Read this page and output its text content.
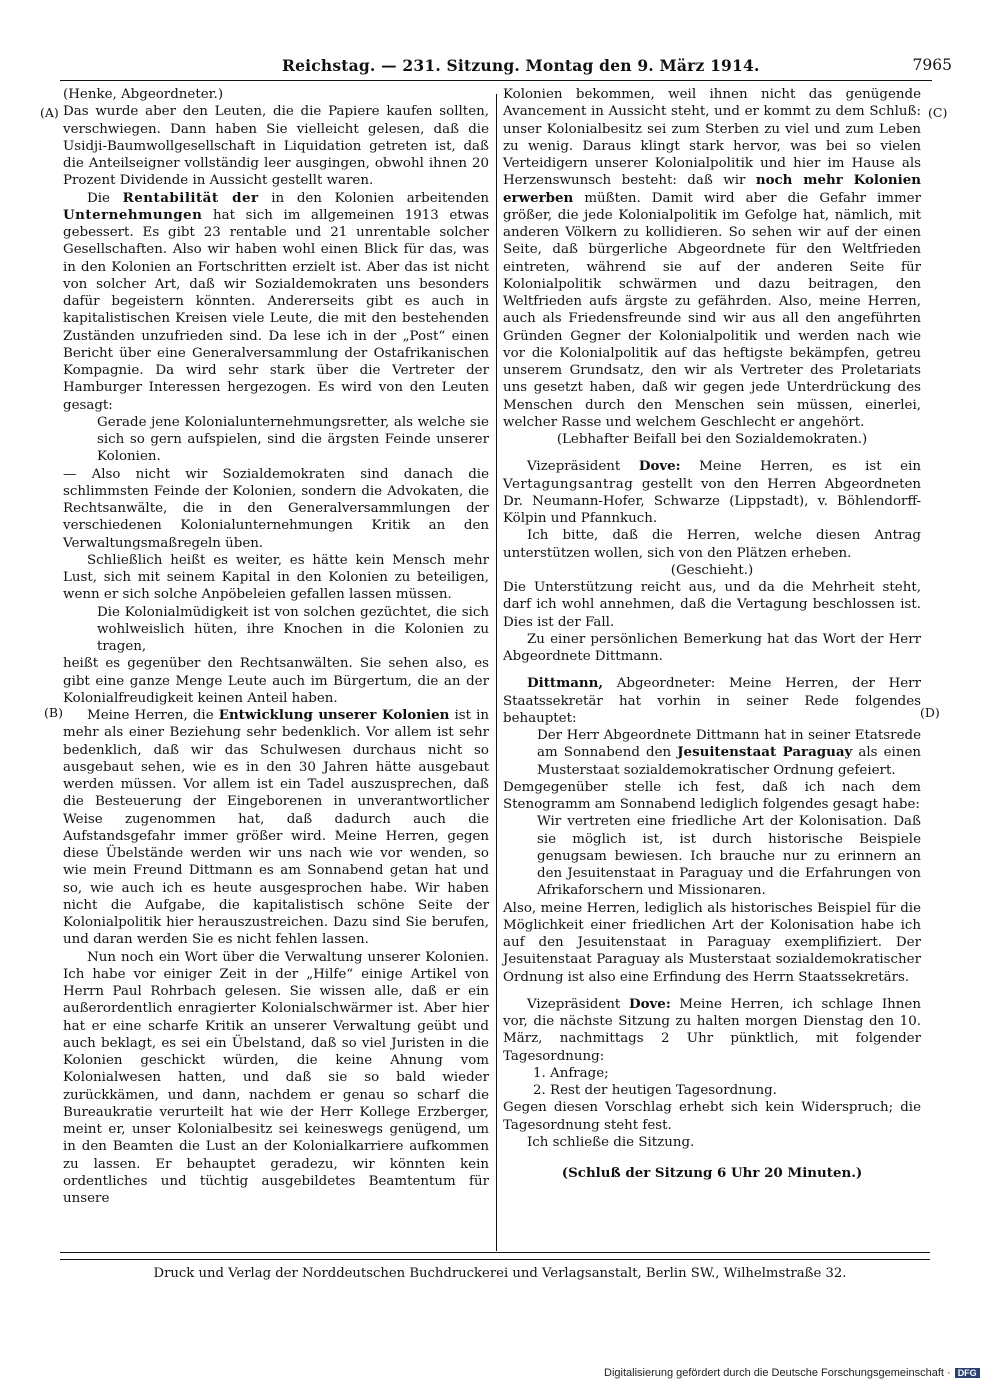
Reichstag. — 231. Sitzung. Montag den 9. März 1914.	7965
(A)
(B)
(C)
(D)

(Henke, Abgeordneter.)

Das wurde aber den Leuten, die die Papiere kaufen sollten, verschwiegen. Dann haben Sie vielleicht gelesen, daß die Usidji-Baumwollgesellschaft in Liquidation getreten ist, daß die Anteilseigner vollständig leer ausgingen, obwohl ihnen 20 Prozent Dividende in Aussicht gestellt waren.

Die Rentabilität der in den Kolonien arbeitenden Unternehmungen hat sich im allgemeinen 1913 etwas gebessert. Es gibt 23 rentable und 21 unrentable solcher Gesellschaften. Also wir haben wohl einen Blick für das, was in den Kolonien an Fortschritten erzielt ist. Aber das ist nicht von solcher Art, daß wir Sozialdemokraten uns besonders dafür begeistern könnten. Andererseits gibt es auch in kapitalistischen Kreisen viele Leute, die mit den bestehenden Zuständen unzufrieden sind. Da lese ich in der „Post“ einen Bericht über eine Generalversammlung der Ostafrikanischen Kompagnie. Da wird sehr stark über die Vertreter der Hamburger Interessen hergezogen. Es wird von den Leuten gesagt:

Gerade jene Kolonialunternehmungsretter, als welche sie sich so gern aufspielen, sind die ärgsten Feinde unserer Kolonien.

— Also nicht wir Sozialdemokraten sind danach die schlimmsten Feinde der Kolonien, sondern die Advokaten, die Rechtsanwälte, die in den Generalversammlungen der verschiedenen Kolonialunternehmungen Kritik an den Verwaltungsmaßregeln üben.

Schließlich heißt es weiter, es hätte kein Mensch mehr Lust, sich mit seinem Kapital in den Kolonien zu beteiligen, wenn er sich solche Anpöbeleien gefallen lassen müssen.

Die Kolonialmüdigkeit ist von solchen gezüchtet, die sich wohlweislich hüten, ihre Knochen in die Kolonien zu tragen,

heißt es gegenüber den Rechtsanwälten. Sie sehen also, es gibt eine ganze Menge Leute auch im Bürgertum, die an der Kolonialfreudigkeit keinen Anteil haben.

Meine Herren, die Entwicklung unserer Kolonien ist in mehr als einer Beziehung sehr bedenklich. Vor allem ist sehr bedenklich, daß wir das Schulwesen durchaus nicht so ausgebaut sehen, wie es in den 30 Jahren hätte ausgebaut werden müssen. Vor allem ist ein Tadel auszusprechen, daß die Besteuerung der Eingeborenen in unverantwortlicher Weise zugenommen hat, daß dadurch auch die Aufstandsgefahr immer größer wird. Meine Herren, gegen diese Übelstände werden wir uns nach wie vor wenden, so wie mein Freund Dittmann es am Sonnabend getan hat und so, wie auch ich es heute ausgesprochen habe. Wir haben nicht die Aufgabe, die kapitalistisch schöne Seite der Kolonialpolitik hier herauszustreichen. Dazu sind Sie berufen, und daran werden Sie es nicht fehlen lassen.

Nun noch ein Wort über die Verwaltung unserer Kolonien. Ich habe vor einiger Zeit in der „Hilfe“ einige Artikel von Herrn Paul Rohrbach gelesen. Sie wissen alle, daß er ein außerordentlich enragierter Kolonialschwärmer ist. Aber hier hat er eine scharfe Kritik an unserer Verwaltung geübt und auch beklagt, es sei ein Übelstand, daß so viel Juristen in die Kolonien geschickt würden, die keine Ahnung vom Kolonialwesen hatten, und daß sie so bald wieder zurückkämen, und dann, nachdem er genau so scharf die Bureaukratie verurteilt hat wie der Herr Kollege Erzberger, meint er, unser Kolonialbesitz sei keineswegs genügend, um in den Beamten die Lust an der Kolonialkarriere aufkommen zu lassen. Er behauptet geradezu, wir könnten kein ordentliches und tüchtig ausgebildetes Beamtentum für unsere

Kolonien bekommen, weil ihnen nicht das genügende Avancement in Aussicht steht, und er kommt zu dem Schluß: unser Kolonialbesitz sei zum Sterben zu viel und zum Leben zu wenig. Daraus klingt stark hervor, was bei so vielen Verteidigern unserer Kolonialpolitik und hier im Hause als Herzenswunsch besteht: daß wir noch mehr Kolonien erwerben müßten. Damit wird aber die Gefahr immer größer, die jede Kolonialpolitik im Gefolge hat, nämlich, mit anderen Völkern zu kollidieren. So sehen wir auf der einen Seite, daß bürgerliche Abgeordnete für den Weltfrieden eintreten, während sie auf der anderen Seite für Kolonialpolitik schwärmen und dazu beitragen, den Weltfrieden aufs ärgste zu gefährden. Also, meine Herren, auch als Friedensfreunde sind wir aus all den angeführten Gründen Gegner der Kolonialpolitik und werden nach wie vor die Kolonialpolitik auf das heftigste bekämpfen, getreu unserem Grundsatz, den wir als Vertreter des Proletariats uns gesetzt haben, daß wir gegen jede Unterdrückung des Menschen durch den Menschen sein müssen, einerlei, welcher Rasse und welchem Geschlecht er angehört.

(Lebhafter Beifall bei den Sozialdemokraten.)

Vizepräsident Dove: Meine Herren, es ist ein Vertagungsantrag gestellt von den Herren Abgeordneten Dr. Neumann-Hofer, Schwarze (Lippstadt), v. Böhlendorff-Kölpin und Pfannkuch.

Ich bitte, daß die Herren, welche diesen Antrag unterstützen wollen, sich von den Plätzen erheben.

(Geschieht.)

Die Unterstützung reicht aus, und da die Mehrheit steht, darf ich wohl annehmen, daß die Vertagung beschlossen ist. Dies ist der Fall.

Zu einer persönlichen Bemerkung hat das Wort der Herr Abgeordnete Dittmann.

Dittmann, Abgeordneter: Meine Herren, der Herr Staatssekretär hat vorhin in seiner Rede folgendes behauptet:

Der Herr Abgeordnete Dittmann hat in seiner Etatsrede am Sonnabend den Jesuitenstaat Paraguay als einen Musterstaat sozialdemokratischer Ordnung gefeiert.

Demgegenüber stelle ich fest, daß ich nach dem Stenogramm am Sonnabend lediglich folgendes gesagt habe:

Wir vertreten eine friedliche Art der Kolonisation. Daß sie möglich ist, ist durch historische Beispiele genugsam bewiesen. Ich brauche nur zu erinnern an den Jesuitenstaat in Paraguay und die Erfahrungen von Afrikaforschern und Missionaren.

Also, meine Herren, lediglich als historisches Beispiel für die Möglichkeit einer friedlichen Art der Kolonisation habe ich auf den Jesuitenstaat in Paraguay exemplifiziert. Der Jesuitenstaat Paraguay als Musterstaat sozialdemokratischer Ordnung ist also eine Erfindung des Herrn Staatssekretärs.

Vizepräsident Dove: Meine Herren, ich schlage Ihnen vor, die nächste Sitzung zu halten morgen Dienstag den 10. März, nachmittags 2 Uhr pünktlich, mit folgender Tagesordnung:

1. Anfrage;

2. Rest der heutigen Tagesordnung.

Gegen diesen Vorschlag erhebt sich kein Widerspruch; die Tagesordnung steht fest.

Ich schließe die Sitzung.

(Schluß der Sitzung 6 Uhr 20 Minuten.)

Druck und Verlag der Norddeutschen Buchdruckerei und Verlagsanstalt, Berlin SW., Wilhelmstraße 32.
Digitalisierung gefördert durch die Deutsche Forschungsgemeinschaft · DFG
